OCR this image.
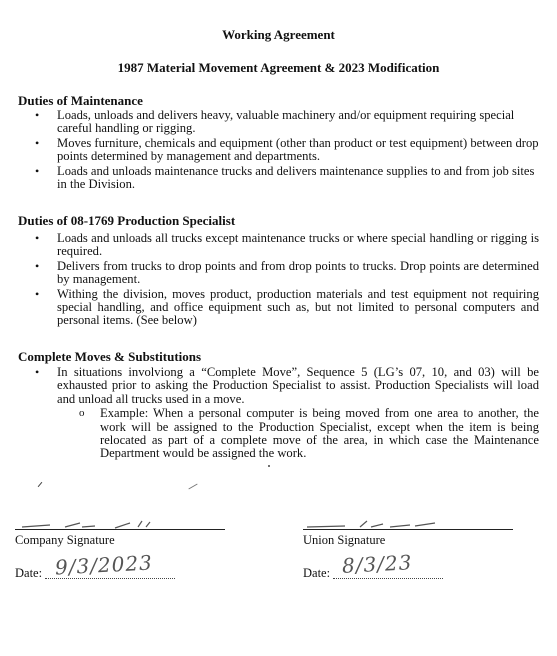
Working Agreement
1987 Material Movement Agreement & 2023 Modification
Duties of Maintenance
• Loads, unloads and delivers heavy, valuable machinery and/or equipment requiring special careful handling or rigging.
• Moves furniture, chemicals and equipment (other than product or test equipment) between drop points determined by management and departments.
• Loads and unloads maintenance trucks and delivers maintenance supplies to and from job sites in the Division.
Duties of 08-1769 Production Specialist
• Loads and unloads all trucks except maintenance trucks or where special handling or rigging is required.
• Delivers from trucks to drop points and from drop points to trucks. Drop points are determined by management.
• Withing the division, moves product, production materials and test equipment not requiring special handling, and office equipment such as, but not limited to personal computers and personal items. (See below)
Complete Moves & Substitutions
• In situations involviong a “Complete Move”, Sequence 5 (LG’s 07, 10, and 03) will be exhausted prior to asking the Production Specialist to assist. Production Specialists will load and unload all trucks used in a move.
o Example: When a personal computer is being moved from one area to another, the work will be assigned to the Production Specialist, except when the item is being relocated as part of a complete move of the area, in which case the Maintenance Department would be assigned the work.
Company Signature
Date: 9/3/2023
Union Signature
Date: 8/3/23
